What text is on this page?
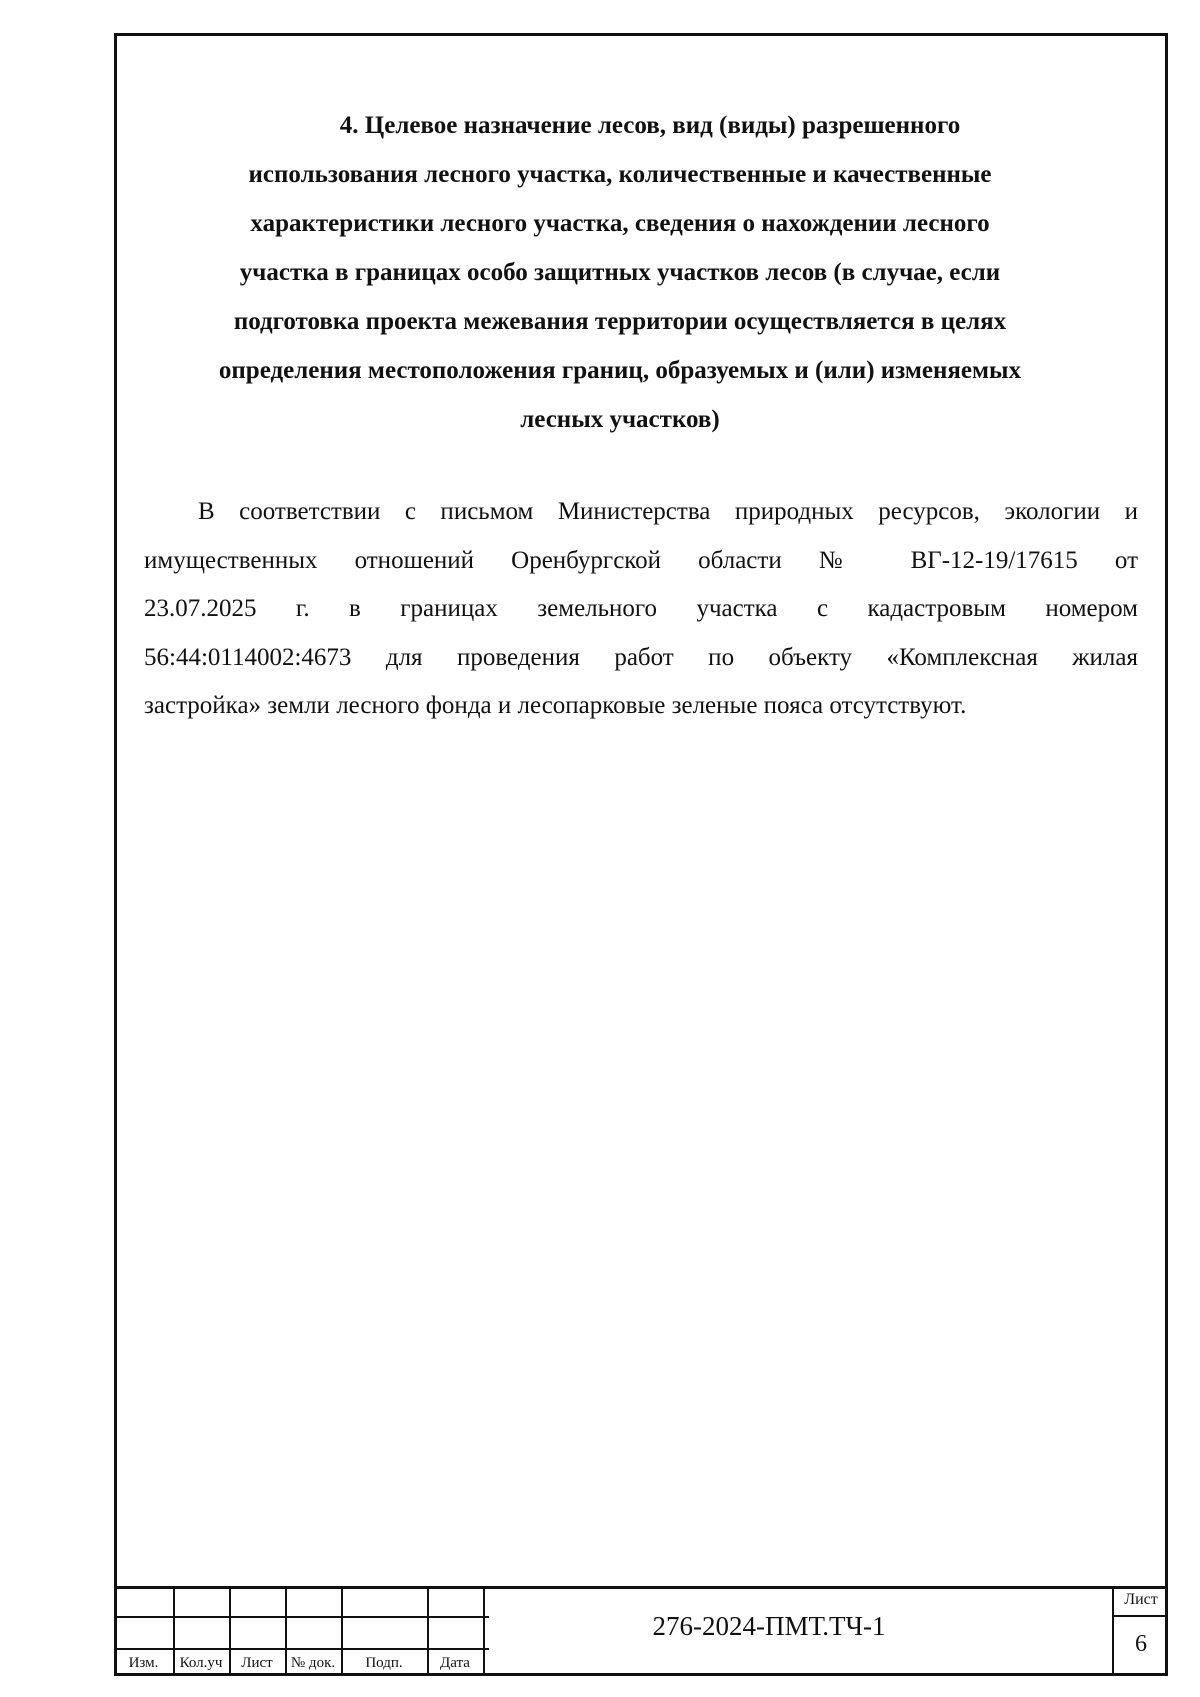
4. Целевое назначение лесов, вид (виды) разрешенного
использования лесного участка, количественные и качественные
характеристики лесного участка, сведения о нахождении лесного
участка в границах особо защитных участков лесов (в случае, если
подготовка проекта межевания территории осуществляется в целях
определения местоположения границ, образуемых и (или) изменяемых
лесных участков)
В соответствии с письмом Министерства природных ресурсов, экологии и
имущественных отношений Оренбургской области № ВГ-12-19/17615 от
23.07.2025 г. в границах земельного участка с кадастровым номером
56:44:0114002:4673 для проведения работ по объекту «Комплексная жилая
застройка» земли лесного фонда и лесопарковые зеленые пояса отсутствуют.
Изм.	Кол.уч	Лист	№ док.	Подп.	Дата
276-2024-ПМТ.ТЧ-1
Лист
6
